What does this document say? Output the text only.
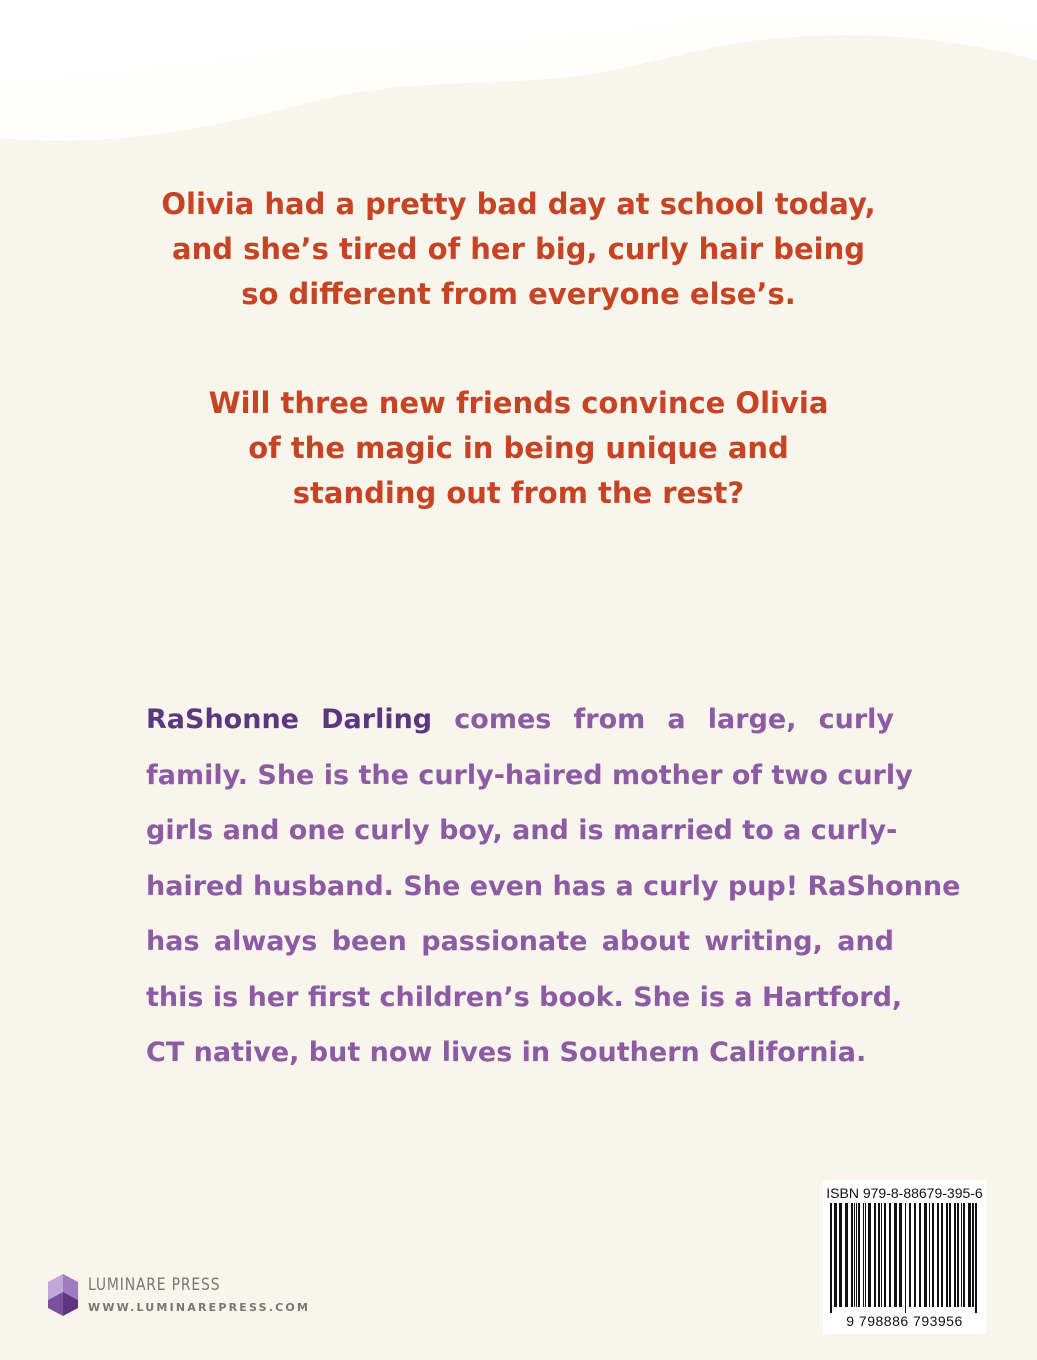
Olivia had a pretty bad day at school today,
and she’s tired of her big, curly hair being
so different from everyone else’s.
Will three new friends convince Olivia
of the magic in being unique and
standing out from the rest?
RaShonne Darling comes from a large, curly
family. She is the curly-haired mother of two curly
girls and one curly boy, and is married to a curly-
haired husband. She even has a curly pup! RaShonne
has always been passionate about writing, and
this is her first children’s book. She is a Hartford,
CT native, but now lives in Southern California.
LUMINARE PRESS
WWW.LUMINAREPRESS.COM
ISBN 979-8-88679-395-6
9 798886 793956
